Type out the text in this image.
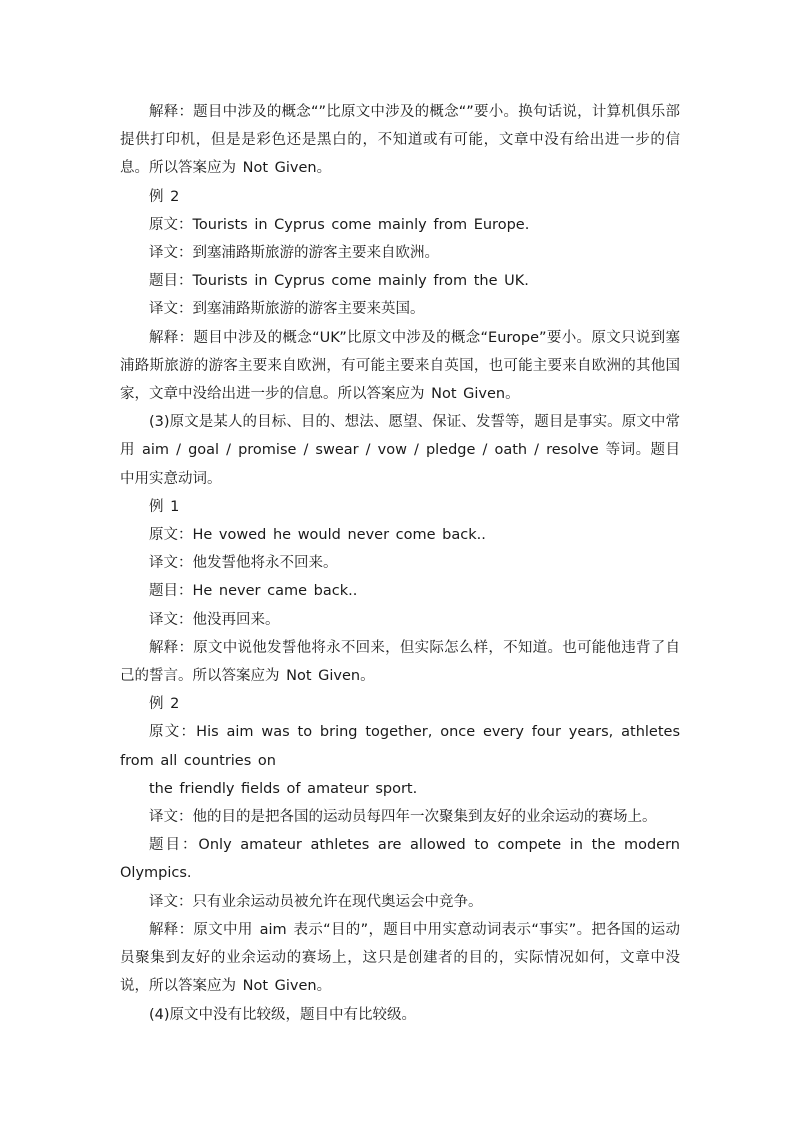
解释：题目中涉及的概念“”比原文中涉及的概念“”要小。换句话说，计算机俱乐部提供打印机，但是是彩色还是黑白的，不知道或有可能，文章中没有给出进一步的信息。所以答案应为 Not Given。

例 2

原文：Tourists in Cyprus come mainly from Europe.

译文：到塞浦路斯旅游的游客主要来自欧洲。

题目：Tourists in Cyprus come mainly from the UK.

译文：到塞浦路斯旅游的游客主要来英国。

解释：题目中涉及的概念“UK”比原文中涉及的概念“Europe”要小。原文只说到塞浦路斯旅游的游客主要来自欧洲，有可能主要来自英国，也可能主要来自欧洲的其他国家，文章中没给出进一步的信息。所以答案应为 Not Given。

(3)原文是某人的目标、目的、想法、愿望、保证、发誓等，题目是事实。原文中常用 aim / goal / promise / swear / vow / pledge / oath / resolve 等词。题目中用实意动词。

例 1

原文：He vowed he would never come back..

译文：他发誓他将永不回来。

题目：He never came back..

译文：他没再回来。

解释：原文中说他发誓他将永不回来，但实际怎么样，不知道。也可能他违背了自己的誓言。所以答案应为 Not Given。

例 2

原文：His aim was to bring together, once every four years, athletes from all countries on

the friendly fields of amateur sport.

译文：他的目的是把各国的运动员每四年一次聚集到友好的业余运动的赛场上。

题目：Only amateur athletes are allowed to compete in the modern Olympics.

译文：只有业余运动员被允许在现代奥运会中竞争。

解释：原文中用 aim 表示“目的”，题目中用实意动词表示“事实”。把各国的运动员聚集到友好的业余运动的赛场上，这只是创建者的目的，实际情况如何，文章中没说，所以答案应为 Not Given。

(4)原文中没有比较级，题目中有比较级。
